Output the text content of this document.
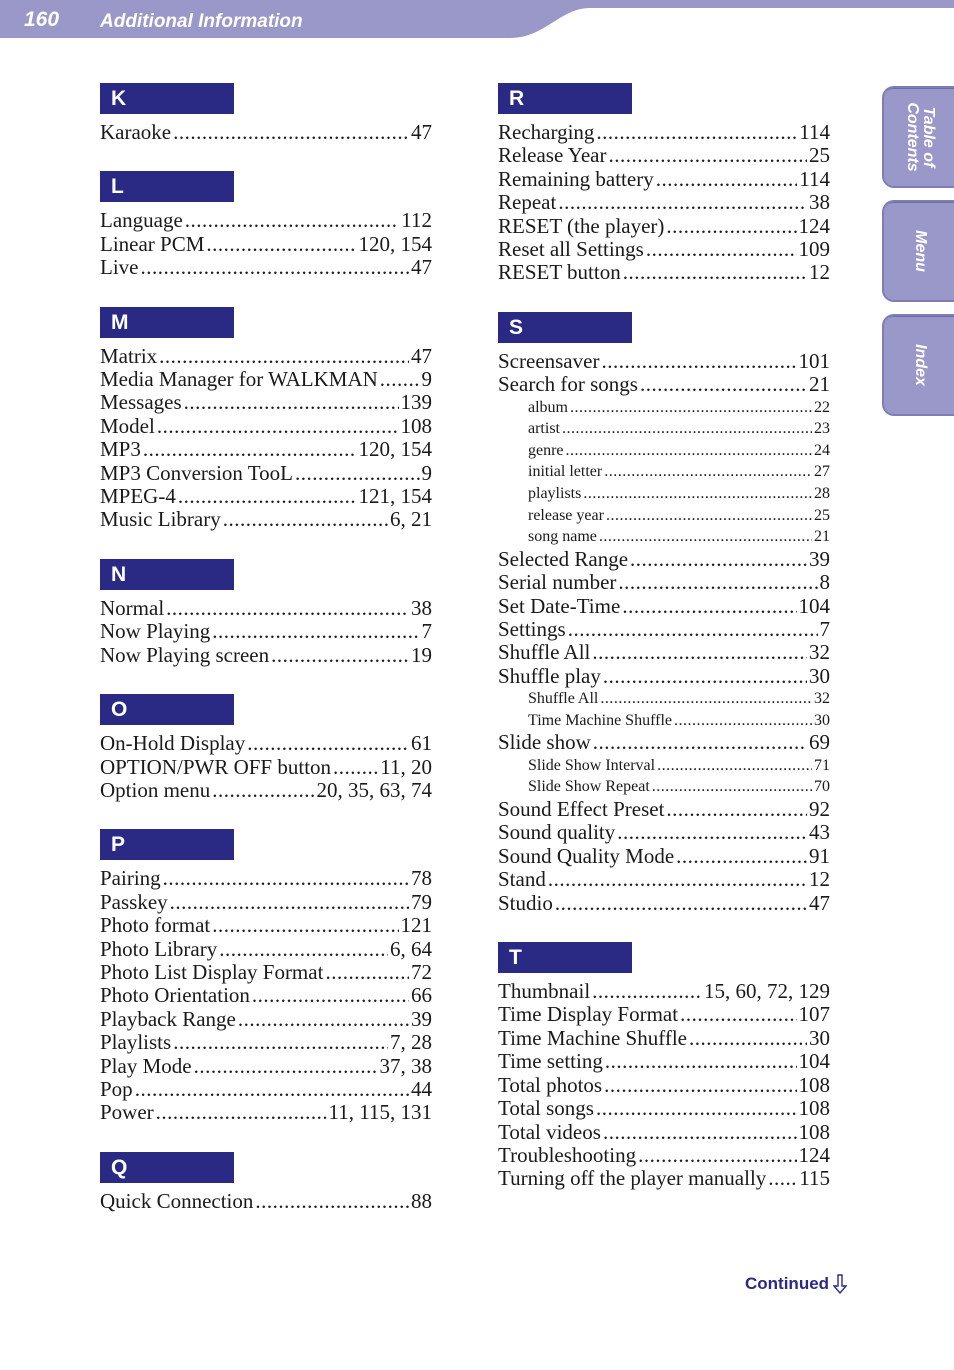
160 Additional Information
K
Karaoke .....	47
L
Language .....	112
Linear PCM .....	120, 154
Live .....	47
M
Matrix .....	47
Media Manager for WALKMAN ..... 9
Messages .....	139
Model .....	108
MP3 .....	120, 154
MP3 Conversion TooL .....	9
MPEG-4 .....	121, 154
Music Library .....	6, 21
N
Normal .....	38
Now Playing .....	7
Now Playing screen .....	19
O
On-Hold Display .....	61
OPTION/PWR OFF button ..... 11, 20
Option menu .....	20, 35, 63, 74
P
Pairing .....	78
Passkey .....	79
Photo format .....	121
Photo Library .....	6, 64
Photo List Display Format .....	72
Photo Orientation .....	66
Playback Range .....	39
Playlists .....	7, 28
Play Mode .....	37, 38
Pop .....	44
Power .....	11, 115, 131
Q
Quick Connection .....	88
R
Recharging .....	114
Release Year .....	25
Remaining battery .....	114
Repeat .....	38
RESET (the player) .....	124
Reset all Settings .....	109
RESET button .....	12
S
Screensaver .....	101
Search for songs .....	21
album .....	22
artist .....	23
genre .....	24
initial letter .....	27
playlists .....	28
release year .....	25
song name .....	21
Selected Range .....	39
Serial number .....	8
Set Date-Time .....	104
Settings .....	7
Shuffle All .....	32
Shuffle play .....	30
Shuffle All .....	32
Time Machine Shuffle .....	30
Slide show .....	69
Slide Show Interval .....	71
Slide Show Repeat .....	70
Sound Effect Preset .....	92
Sound quality .....	43
Sound Quality Mode .....	91
Stand .....	12
Studio .....	47
T
Thumbnail .....	15, 60, 72, 129
Time Display Format .....	107
Time Machine Shuffle .....	30
Time setting .....	104
Total photos .....	108
Total songs .....	108
Total videos .....	108
Troubleshooting .....	124
Turning off the player manually ..... 115
Table of
Contents
Menu
Index
Continued
